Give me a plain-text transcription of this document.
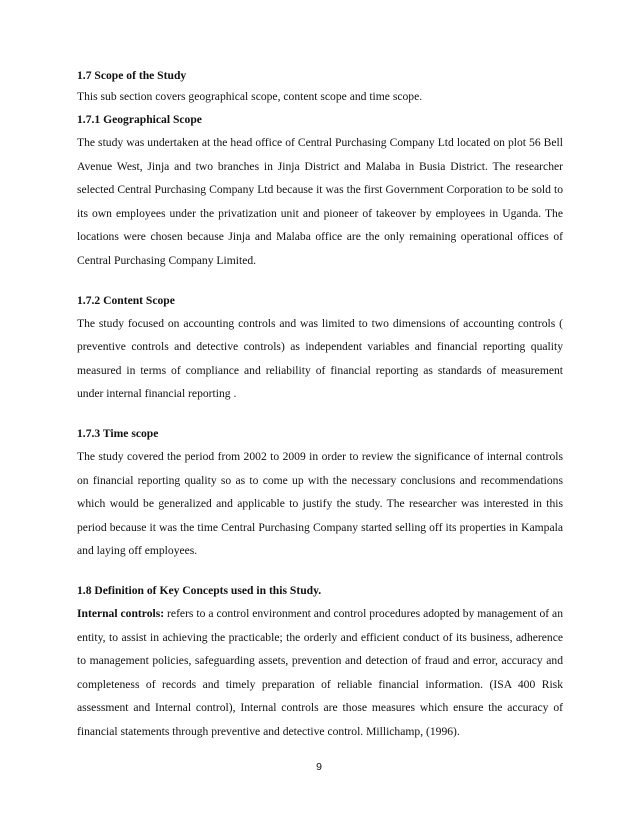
1.7 Scope of the Study

This sub section covers geographical scope, content scope and time scope.

1.7.1 Geographical Scope

The study was undertaken at the head office of Central Purchasing Company Ltd located on plot 56 Bell Avenue West, Jinja and two branches in Jinja District and Malaba in Busia District. The researcher selected Central Purchasing Company Ltd because it was the first Government Corporation to be sold to its own employees under the privatization unit and pioneer of takeover by employees in Uganda. The locations were chosen because Jinja and Malaba office are the only remaining operational offices of Central Purchasing Company Limited.

1.7.2 Content Scope

The study focused on accounting controls and was limited to two dimensions of accounting controls ( preventive controls and detective controls) as independent variables and financial reporting quality measured in terms of compliance and reliability of financial reporting as standards of measurement under internal financial reporting .

1.7.3 Time scope

The study covered the period from 2002 to 2009 in order to review the significance of internal controls on financial reporting quality so as to come up with the necessary conclusions and recommendations which would be generalized and applicable to justify the study. The researcher was interested in this period because it was the time Central Purchasing Company started selling off its properties in Kampala and laying off employees.

1.8 Definition of Key Concepts used in this Study.

Internal controls: refers to a control environment and control procedures adopted by management of an entity, to assist in achieving the practicable; the orderly and efficient conduct of its business, adherence to management policies, safeguarding assets, prevention and detection of fraud and error, accuracy and completeness of records and timely preparation of reliable financial information. (ISA 400 Risk assessment and Internal control), Internal controls are those measures which ensure the accuracy of financial statements through preventive and detective control. Millichamp, (1996).

9
